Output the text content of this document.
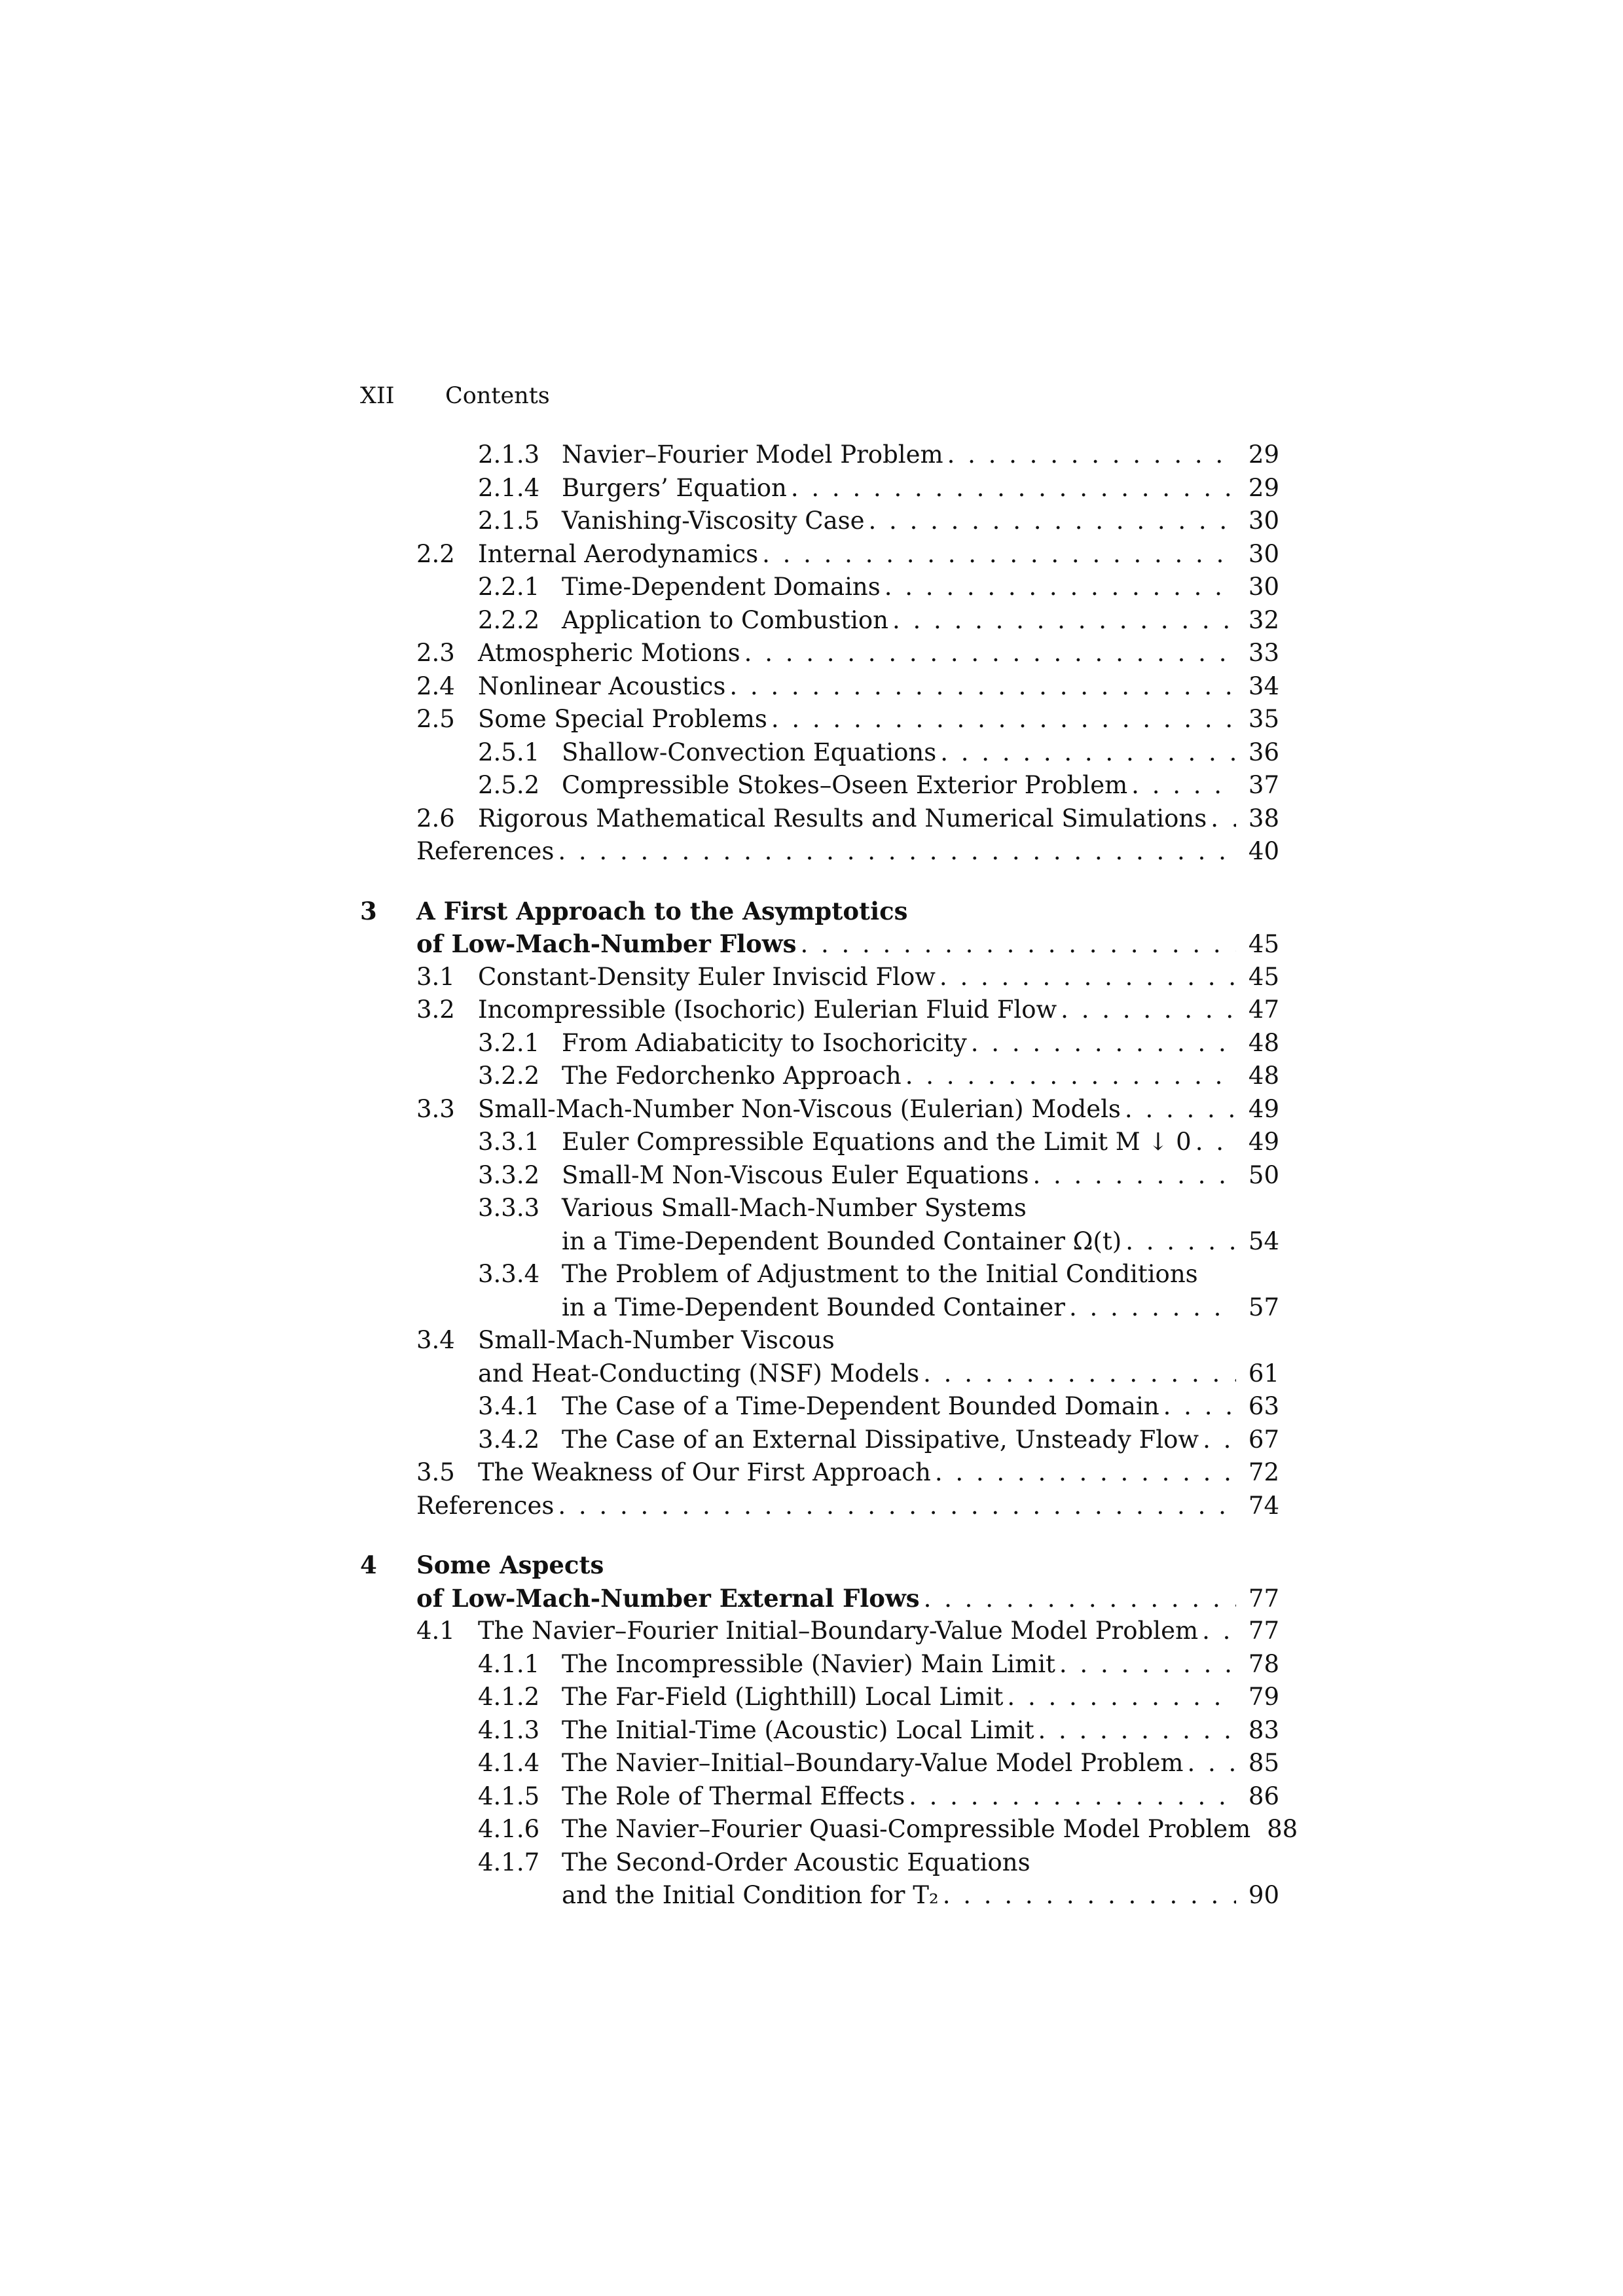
XII Contents
2.1.3 Navier–Fourier Model Problem . . .	29
2.1.4 Burgers’ Equation . . .	29
2.1.5 Vanishing-Viscosity Case . . .	30
2.2 Internal Aerodynamics . . .	30
2.2.1 Time-Dependent Domains . . .	30
2.2.2 Application to Combustion . . .	32
2.3 Atmospheric Motions . . .	33
2.4 Nonlinear Acoustics . . .	34
2.5 Some Special Problems . . .	35
2.5.1 Shallow-Convection Equations . . .	36
2.5.2 Compressible Stokes–Oseen Exterior Problem . . .	37
2.6 Rigorous Mathematical Results and Numerical Simulations . . .	38
References . . .	40
3 A First Approach to the Asymptotics
of Low-Mach-Number Flows . . .	45
3.1 Constant-Density Euler Inviscid Flow . . .	45
3.2 Incompressible (Isochoric) Eulerian Fluid Flow . . .	47
3.2.1 From Adiabaticity to Isochoricity . . .	48
3.2.2 The Fedorchenko Approach . . .	48
3.3 Small-Mach-Number Non-Viscous (Eulerian) Models . . .	49
3.3.1 Euler Compressible Equations and the Limit M ↓ 0 . . .	49
3.3.2 Small-M Non-Viscous Euler Equations . . .	50
3.3.3 Various Small-Mach-Number Systems
in a Time-Dependent Bounded Container Ω(t) . . .	54
3.3.4 The Problem of Adjustment to the Initial Conditions
in a Time-Dependent Bounded Container . . .	57
3.4 Small-Mach-Number Viscous
and Heat-Conducting (NSF) Models . . .	61
3.4.1 The Case of a Time-Dependent Bounded Domain . . .	63
3.4.2 The Case of an External Dissipative, Unsteady Flow . . .	67
3.5 The Weakness of Our First Approach . . .	72
References . . .	74
4 Some Aspects
of Low-Mach-Number External Flows . . .	77
4.1 The Navier–Fourier Initial–Boundary-Value Model Problem . . .	77
4.1.1 The Incompressible (Navier) Main Limit . . .	78
4.1.2 The Far-Field (Lighthill) Local Limit . . .	79
4.1.3 The Initial-Time (Acoustic) Local Limit . . .	83
4.1.4 The Navier–Initial–Boundary-Value Model Problem . . .	85
4.1.5 The Role of Thermal Effects . . .	86
4.1.6 The Navier–Fourier Quasi-Compressible Model Problem 88
4.1.7 The Second-Order Acoustic Equations
and the Initial Condition for T₂ . . .	90
